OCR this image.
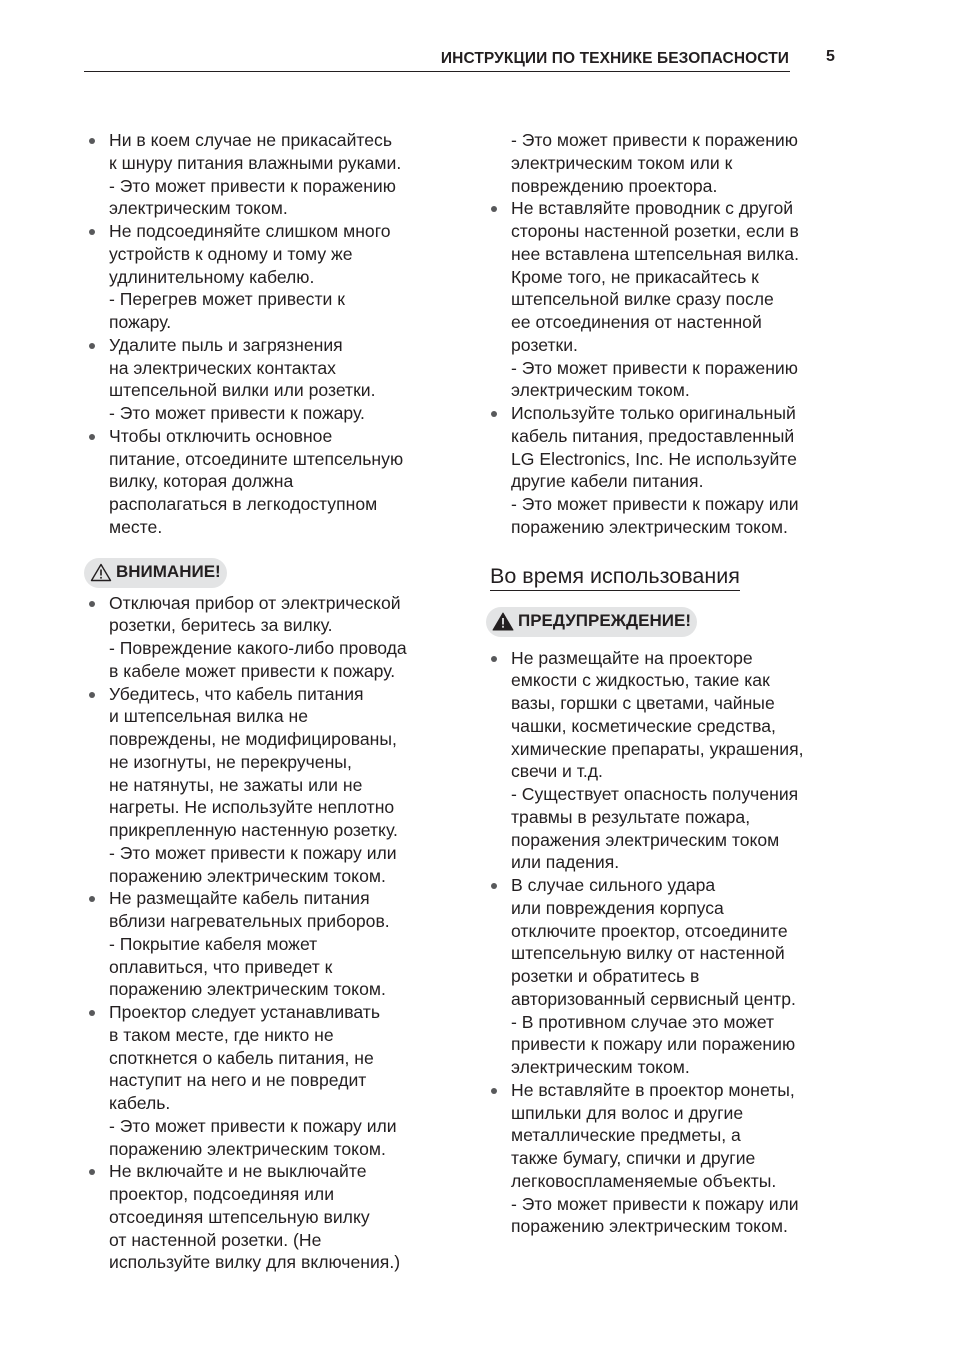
ИНСТРУКЦИИ ПО ТЕХНИКЕ БЕЗОПАСНОСТИ 5
Ни в коем случае не прикасайтесь
к шнуру питания влажными руками.
- Это может привести к поражению
электрическим током.
Не подсоединяйте слишком много
устройств к одному и тому же
удлинительному кабелю.
- Перегрев может привести к
пожару.
Удалите пыль и загрязнения
на электрических контактах
штепсельной вилки или розетки.
- Это может привести к пожару.
Чтобы отключить основное
питание, отсоедините штепсельную
вилку, которая должна
располагаться в легкодоступном
месте.
ВНИМАНИЕ!
Отключая прибор от электрической
розетки, беритесь за вилку.
- Повреждение какого-либо провода
в кабеле может привести к пожару.
Убедитесь, что кабель питания
и штепсельная вилка не
повреждены, не модифицированы,
не изогнуты, не перекручены,
не натянуты, не зажаты или не
нагреты. Не используйте неплотно
прикрепленную настенную розетку.
- Это может привести к пожару или
поражению электрическим током.
Не размещайте кабель питания
вблизи нагревательных приборов.
- Покрытие кабеля может
оплавиться, что приведет к
поражению электрическим током.
Проектор следует устанавливать
в таком месте, где никто не
споткнется о кабель питания, не
наступит на него и не повредит
кабель.
- Это может привести к пожару или
поражению электрическим током.
Не включайте и не выключайте
проектор, подсоединяя или
отсоединяя штепсельную вилку
от настенной розетки. (Не
используйте вилку для включения.)
- Это может привести к поражению
электрическим током или к
повреждению проектора.
Не вставляйте проводник с другой
стороны настенной розетки, если в
нее вставлена штепсельная вилка.
Кроме того, не прикасайтесь к
штепсельной вилке сразу после
ее отсоединения от настенной
розетки.
- Это может привести к поражению
электрическим током.
Используйте только оригинальный
кабель питания, предоставленный
LG Electronics, Inc. Не используйте
другие кабели питания.
- Это может привести к пожару или
поражению электрическим током.
Во время использования

ПРЕДУПРЕЖДЕНИЕ!
Не размещайте на проекторе
емкости с жидкостью, такие как
вазы, горшки с цветами, чайные
чашки, косметические средства,
химические препараты, украшения,
свечи и т.д.
- Существует опасность получения
травмы в результате пожара,
поражения электрическим током
или падения.
В случае сильного удара
или повреждения корпуса
отключите проектор, отсоедините
штепсельную вилку от настенной
розетки и обратитесь в
авторизованный сервисный центр.
- В противном случае это может
привести к пожару или поражению
электрическим током.
Не вставляйте в проектор монеты,
шпильки для волос и другие
металлические предметы, а
также бумагу, спички и другие
легковоспламеняемые объекты.
- Это может привести к пожару или
поражению электрическим током.
